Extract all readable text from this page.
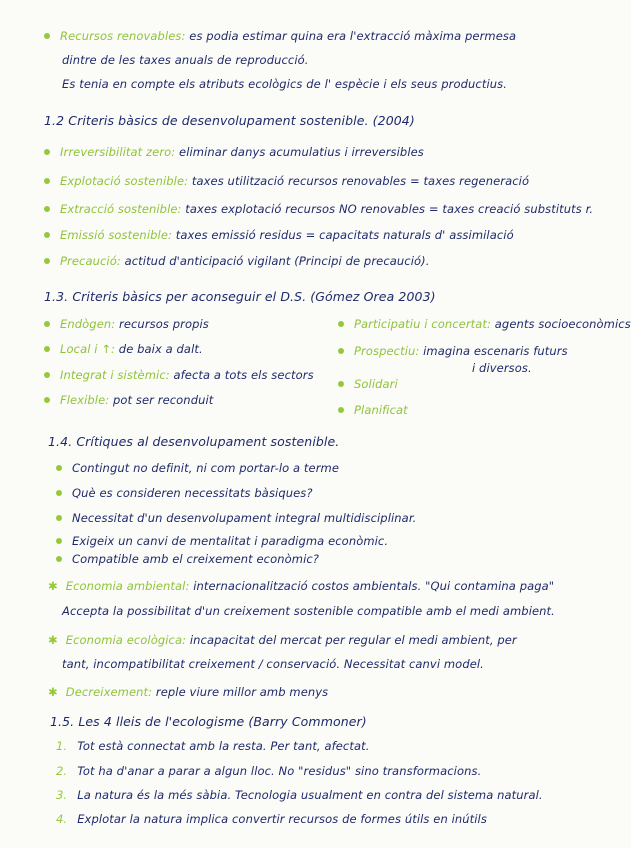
Recursos renovables: es podia estimar quina era l'extracció màxima permesa
dintre de les taxes anuals de reproducció.
Es tenia en compte els atributs ecològics de l' espècie i els seus productius.
1.2 Criteris bàsics de desenvolupament sostenible. (2004)
Irreversibilitat zero: eliminar danys acumulatius i irreversibles
Explotació sostenible: taxes utilització recursos renovables = taxes regeneració
Extracció sostenible: taxes explotació recursos NO renovables = taxes creació substituts r.
Emissió sostenible: taxes emissió residus = capacitats naturals d' assimilació
Precaució: actitud d'anticipació vigilant (Principi de precaució).
1.3. Criteris bàsics per aconseguir el D.S. (Gómez Orea 2003)
Endògen: recursos propis
Local i ↑: de baix a dalt.
Integrat i sistèmic: afecta a tots els sectors
Flexible: pot ser reconduit
Participatiu i concertat: agents socioeconòmics
Prospectiu: imagina escenaris futurs
i diversos.
Solidari
Planificat
1.4. Crítiques al desenvolupament sostenible.
Contingut no definit, ni com portar-lo a terme
Què es consideren necessitats bàsiques?
Necessitat d'un desenvolupament integral multidisciplinar.
Exigeix un canvi de mentalitat i paradigma econòmic.
Compatible amb el creixement econòmic?
✱ Economia ambiental: internacionalització costos ambientals. "Qui contamina paga"
Accepta la possibilitat d'un creixement sostenible compatible amb el medi ambient.
✱ Economia ecològica: incapacitat del mercat per regular el medi ambient, per
tant, incompatibilitat creixement / conservació. Necessitat canvi model.
✱ Decreixement: reple viure millor amb menys
1.5. Les 4 lleis de l'ecologisme (Barry Commoner)
1. Tot està connectat amb la resta. Per tant, afectat.
2. Tot ha d'anar a parar a algun lloc. No "residus" sino transformacions.
3. La natura és la més sàbia. Tecnologia usualment en contra del sistema natural.
4. Explotar la natura implica convertir recursos de formes útils en inútils
